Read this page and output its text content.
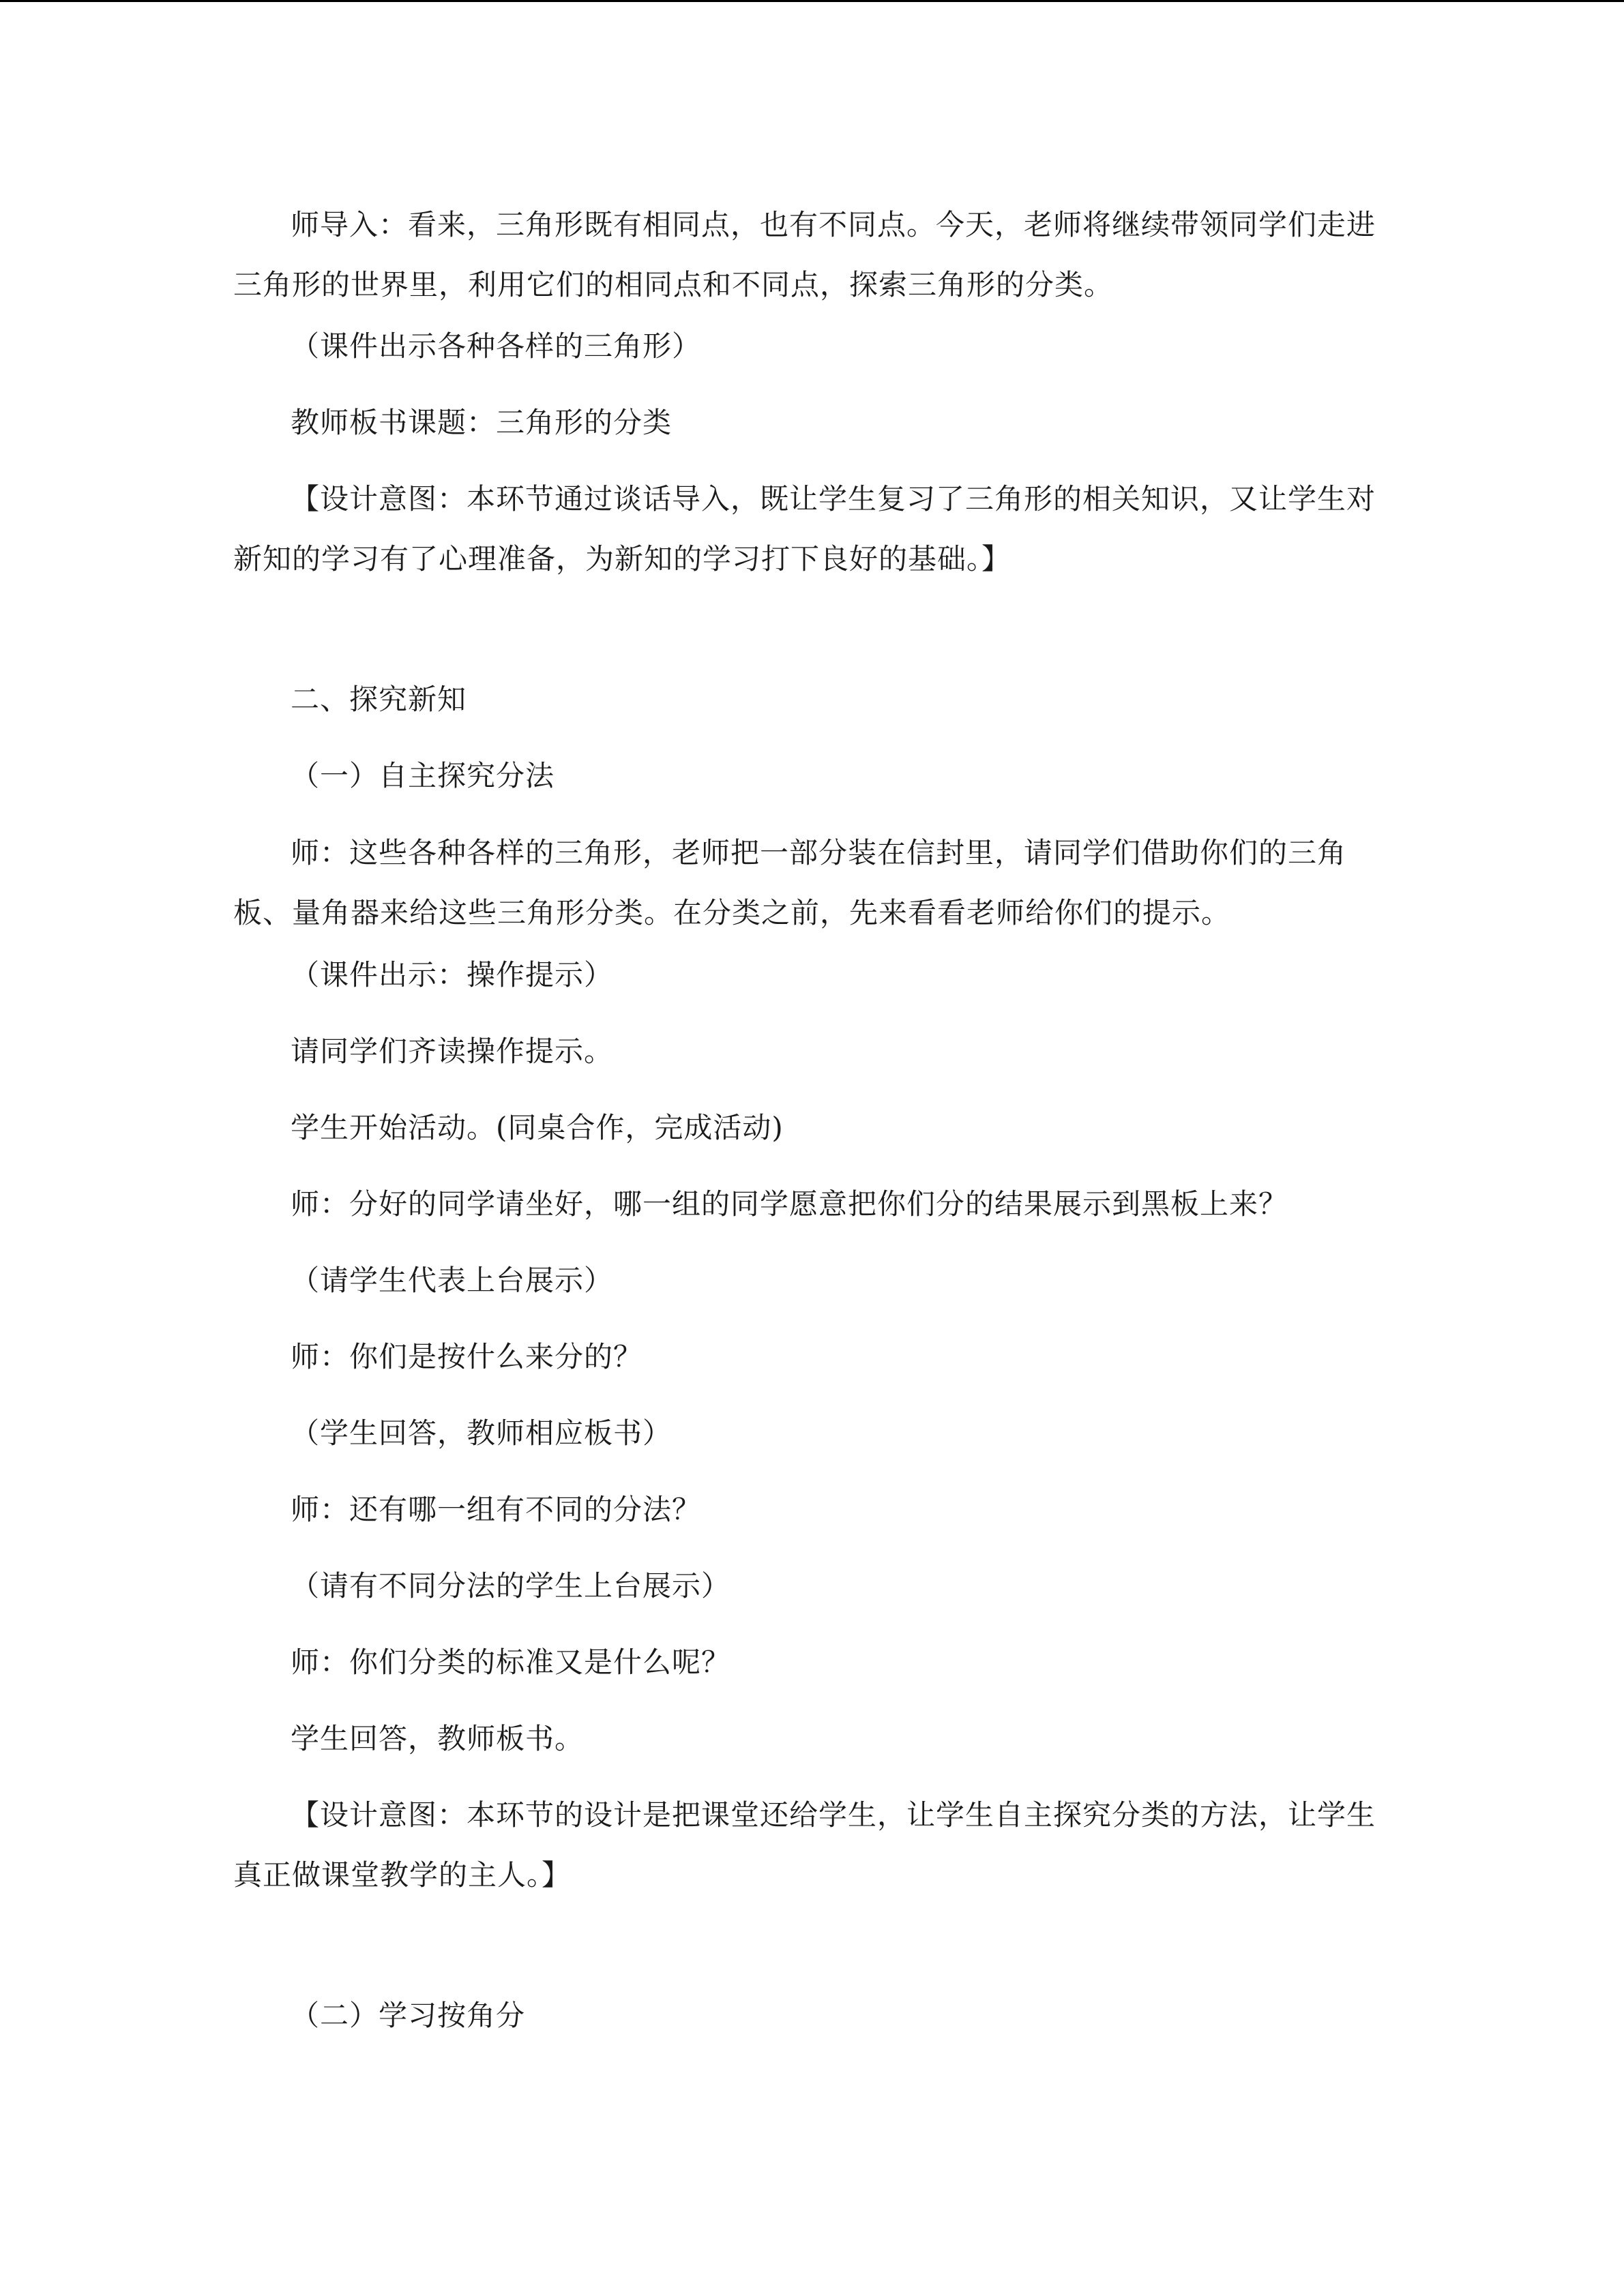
师导入：看来，三角形既有相同点，也有不同点。今天，老师将继续带领同学们走进三角形的世界里，利用它们的相同点和不同点，探索三角形的分类。

（课件出示各种各样的三角形）

教师板书课题：三角形的分类

【设计意图：本环节通过谈话导入，既让学生复习了三角形的相关知识，又让学生对新知的学习有了心理准备，为新知的学习打下良好的基础。】

二、探究新知

（一）自主探究分法

师：这些各种各样的三角形，老师把一部分装在信封里，请同学们借助你们的三角板、量角器来给这些三角形分类。在分类之前，先来看看老师给你们的提示。

（课件出示：操作提示）

请同学们齐读操作提示。

学生开始活动。(同桌合作，完成活动)

师：分好的同学请坐好，哪一组的同学愿意把你们分的结果展示到黑板上来？

（请学生代表上台展示）

师：你们是按什么来分的？

（学生回答，教师相应板书）

师：还有哪一组有不同的分法？

（请有不同分法的学生上台展示）

师：你们分类的标准又是什么呢？

学生回答，教师板书。

【设计意图：本环节的设计是把课堂还给学生，让学生自主探究分类的方法，让学生真正做课堂教学的主人。】

（二）学习按角分
